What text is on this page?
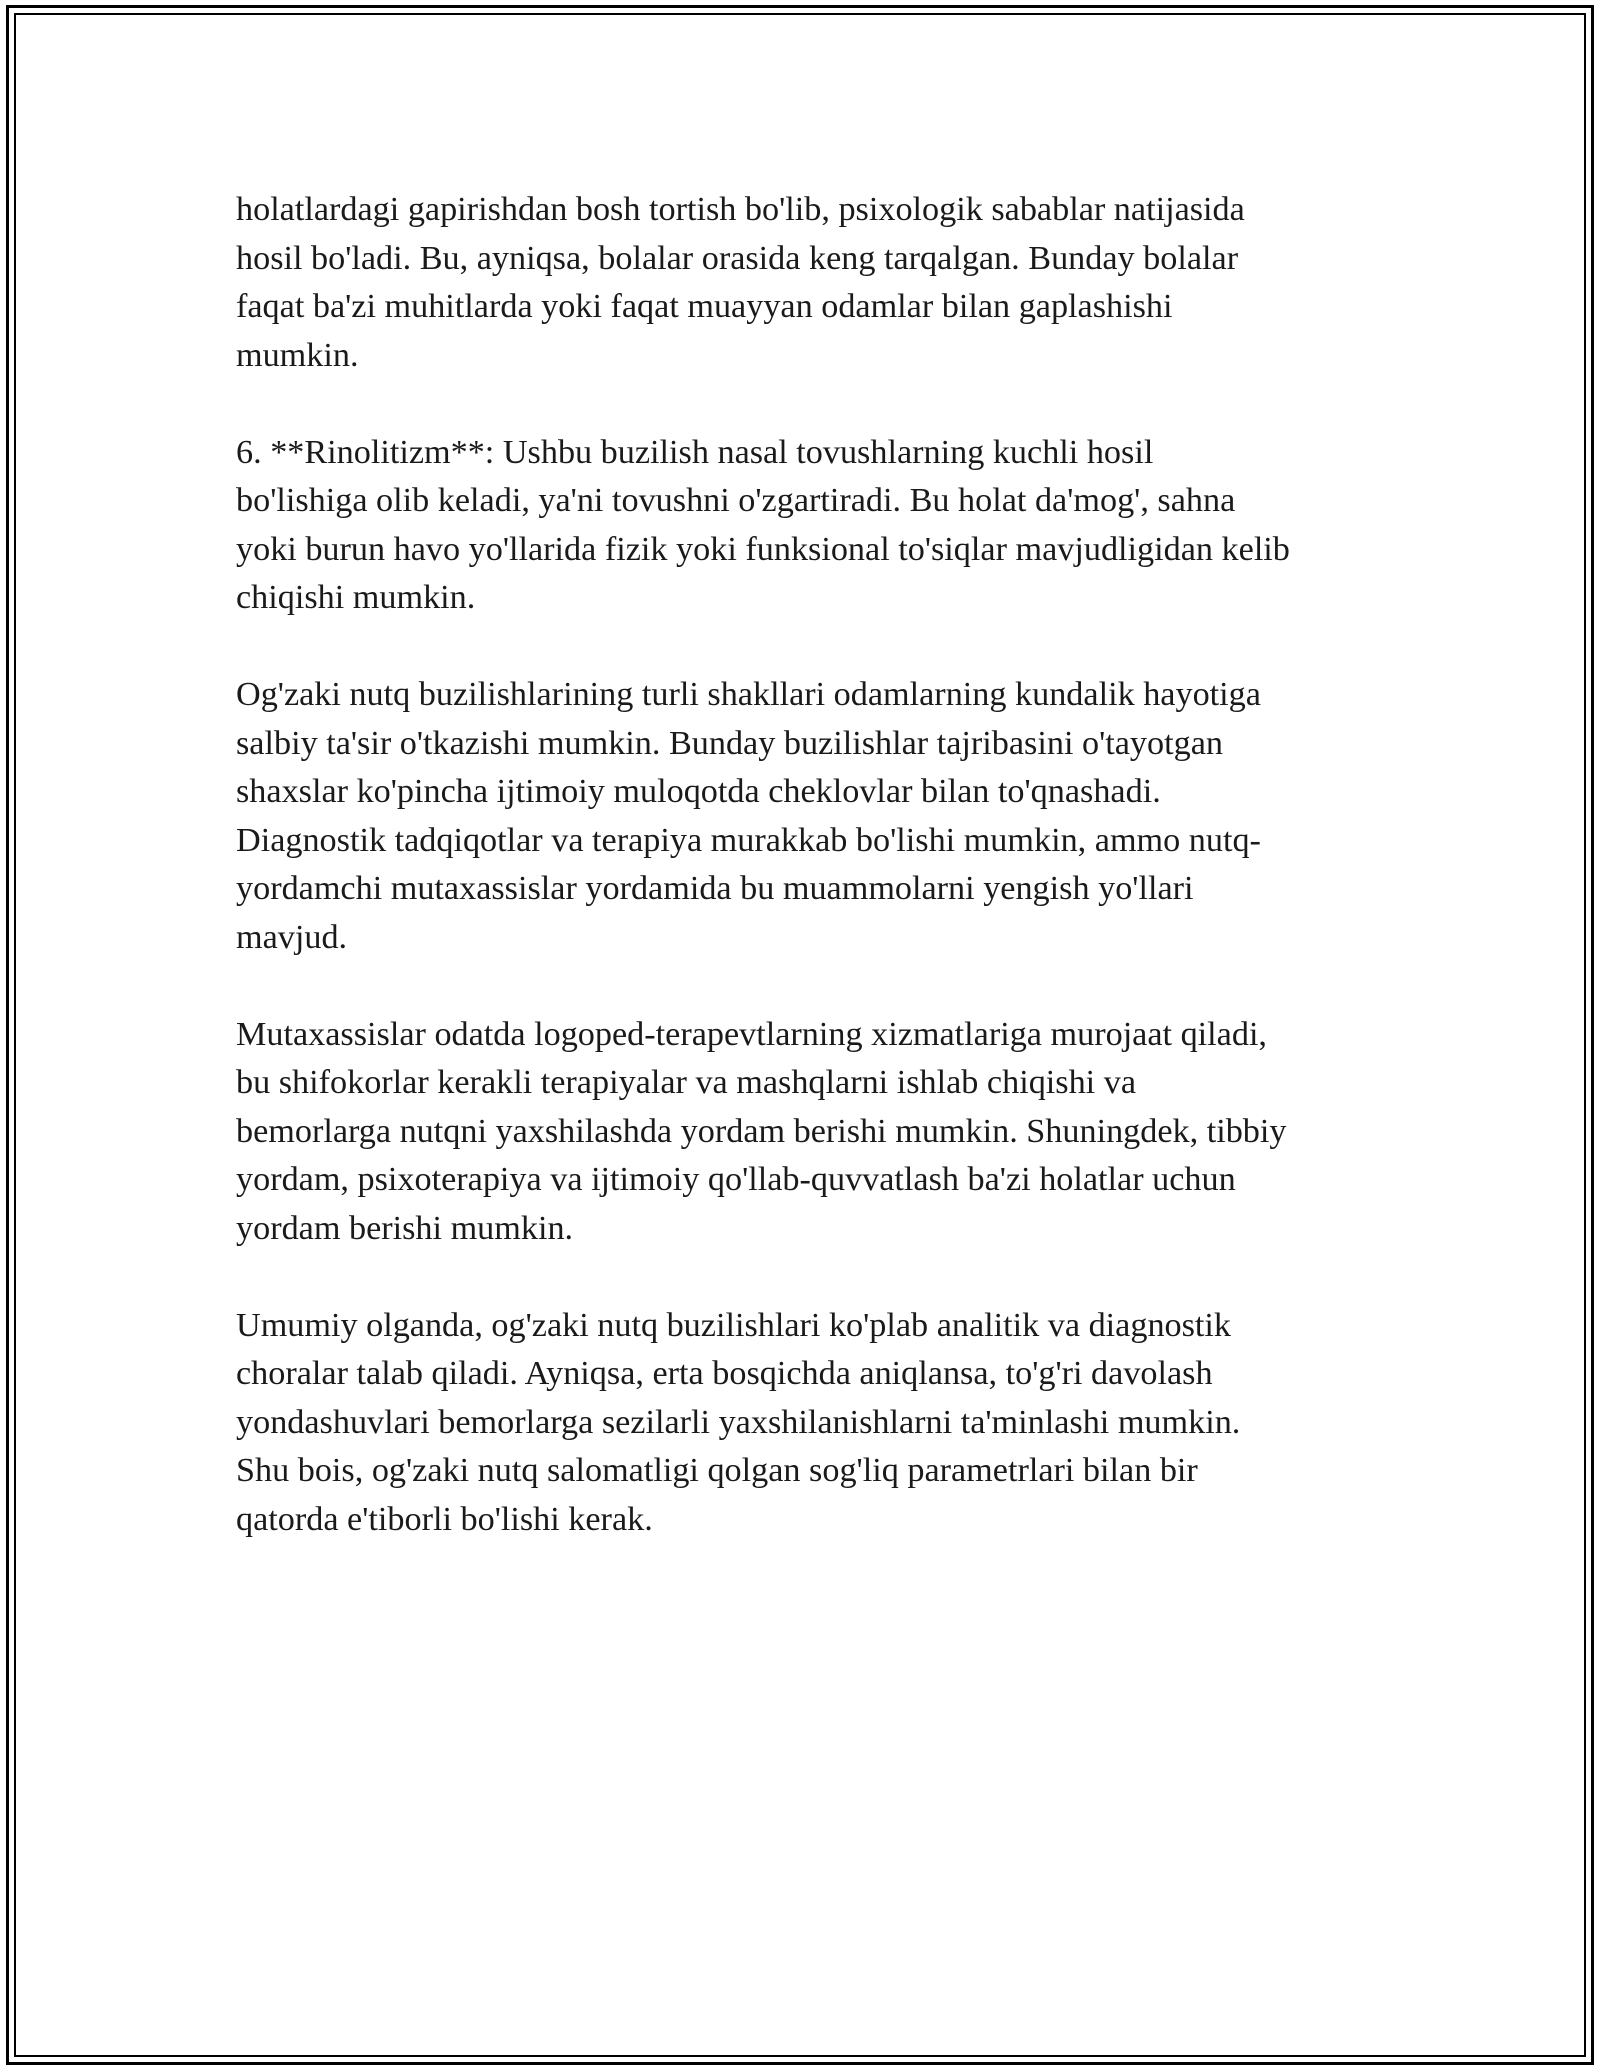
holatlardagi gapirishdan bosh tortish bo'lib, psixologik sabablar natijasida
hosil bo'ladi. Bu, ayniqsa, bolalar orasida keng tarqalgan. Bunday bolalar
faqat ba'zi muhitlarda yoki faqat muayyan odamlar bilan gaplashishi
mumkin.

6. **Rinolitizm**: Ushbu buzilish nasal tovushlarning kuchli hosil
bo'lishiga olib keladi, ya'ni tovushni o'zgartiradi. Bu holat da'mog', sahna
yoki burun havo yo'llarida fizik yoki funksional to'siqlar mavjudligidan kelib
chiqishi mumkin.

Og'zaki nutq buzilishlarining turli shakllari odamlarning kundalik hayotiga
salbiy ta'sir o'tkazishi mumkin. Bunday buzilishlar tajribasini o'tayotgan
shaxslar ko'pincha ijtimoiy muloqotda cheklovlar bilan to'qnashadi.
Diagnostik tadqiqotlar va terapiya murakkab bo'lishi mumkin, ammo nutq-
yordamchi mutaxassislar yordamida bu muammolarni yengish yo'llari
mavjud.

Mutaxassislar odatda logoped-terapevtlarning xizmatlariga murojaat qiladi,
bu shifokorlar kerakli terapiyalar va mashqlarni ishlab chiqishi va
bemorlarga nutqni yaxshilashda yordam berishi mumkin. Shuningdek, tibbiy
yordam, psixoterapiya va ijtimoiy qo'llab-quvvatlash ba'zi holatlar uchun
yordam berishi mumkin.

Umumiy olganda, og'zaki nutq buzilishlari ko'plab analitik va diagnostik
choralar talab qiladi. Ayniqsa, erta bosqichda aniqlansa, to'g'ri davolash
yondashuvlari bemorlarga sezilarli yaxshilanishlarni ta'minlashi mumkin.
Shu bois, og'zaki nutq salomatligi qolgan sog'liq parametrlari bilan bir
qatorda e'tiborli bo'lishi kerak.
